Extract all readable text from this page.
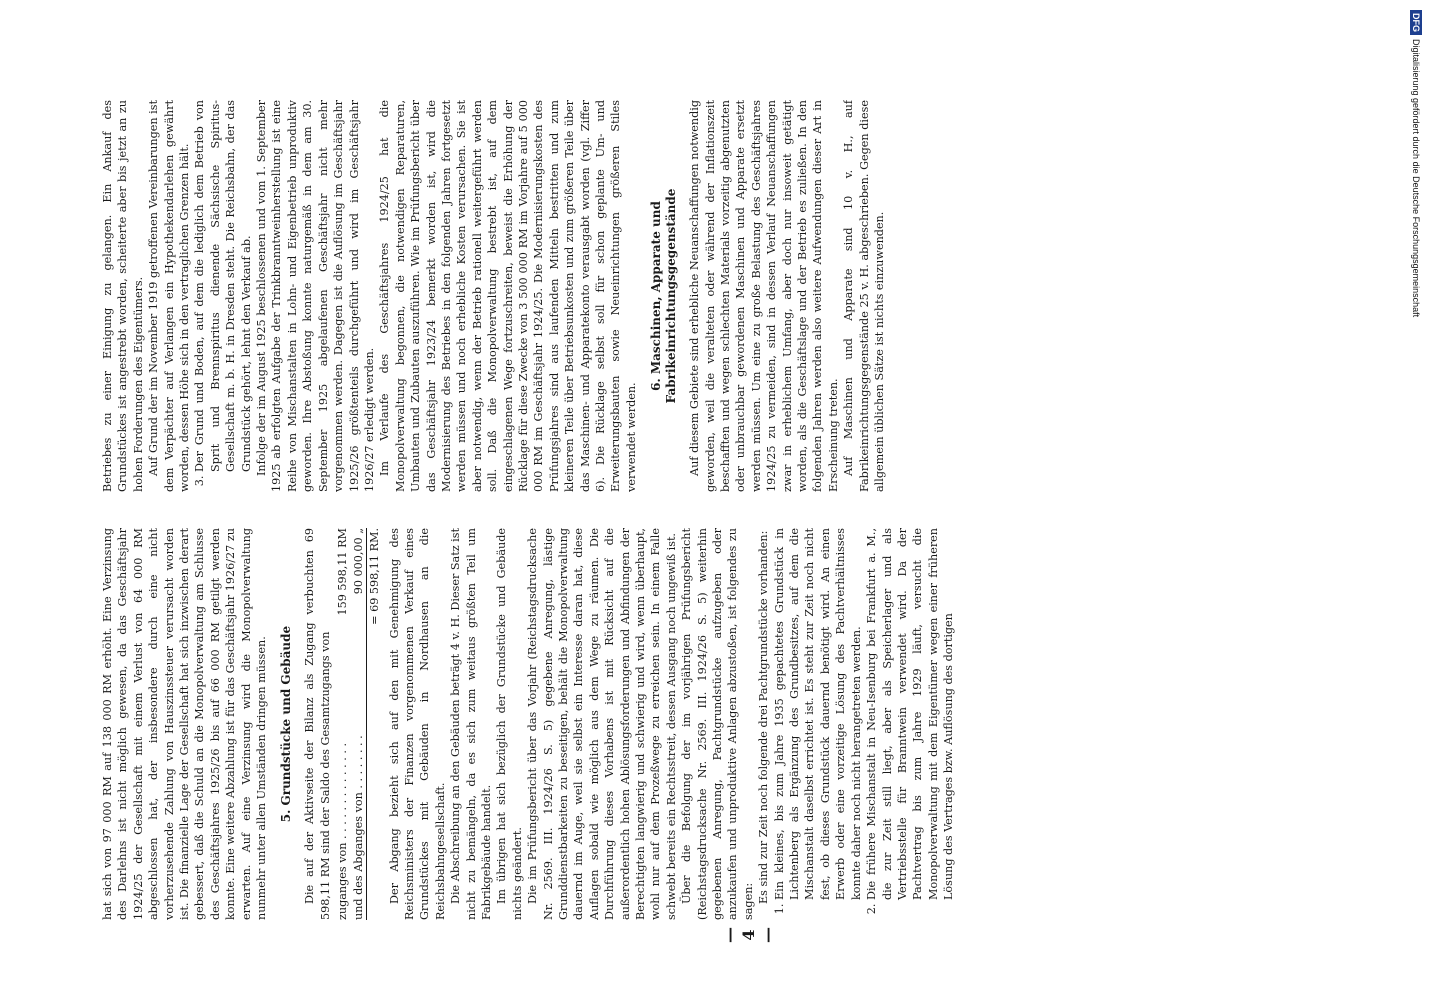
— 4 —

hat sich von 97 000 RM auf 138 000 RM erhöht. Eine Verzinsung des Darlehns ist nicht möglich gewesen, da das Geschäftsjahr 1924/25 der Gesellschaft mit einem Verlust von 64 000 RM abgeschlossen hat, der insbesondere durch eine nicht vorherzusehende Zahlung von Hauszinssteuer verursacht worden ist. Die finanzielle Lage der Gesellschaft hat sich inzwischen derart gebessert, daß die Schuld an die Monopolverwaltung am Schlusse des Geschäftsjahres 1925/26 bis auf 66 000 RM getilgt werden konnte. Eine weitere Abzahlung ist für das Geschäftsjahr 1926/27 zu erwarten. Auf eine Verzinsung wird die Monopolverwaltung nunmehr unter allen Umständen dringen müssen. 5. Grundstücke und Gebäude Die auf der Aktivseite der Bilanz als Zugang verbuchten 69 598,11 RM sind der Saldo des Gesamtzugangs von zuganges von . . . . . . . . . . . . . .	159 598,11 RM
und des Abganges von . . . . . . . .	90 000,00 „
	= 69 598,11 RM. Der Abgang bezieht sich auf den mit Genehmigung des Reichsministers der Finanzen vorgenommenen Verkauf eines Grundstückes mit Gebäuden in Nordhausen an die Reichsbahngesellschaft. Die Abschreibung an den Gebäuden beträgt 4 v. H. Dieser Satz ist nicht zu bemängeln, da es sich zum weitaus größten Teil um Fabrikgebäude handelt. Im übrigen hat sich bezüglich der Grundstücke und Gebäude nichts geändert. Die im Prüfungsbericht über das Vorjahr (Reichstagsdrucksache Nr. 2569. III. 1924/26 S. 5) gegebene Anregung, lästige Grunddienstbarkeiten zu beseitigen, behält die Monopolverwaltung dauernd im Auge, weil sie selbst ein Interesse daran hat, diese Auflagen sobald wie möglich aus dem Wege zu räumen. Die Durchführung dieses Vorhabens ist mit Rücksicht auf die außerordentlich hohen Ablösungsforderungen und Abfindungen der Berechtigten langwierig und schwierig und wird, wenn überhaupt, wohl nur auf dem Prozeßwege zu erreichen sein. In einem Falle schwebt bereits ein Rechtsstreit, dessen Ausgang noch ungewiß ist. Über die Befolgung der im vorjährigen Prüfungsbericht (Reichstagsdrucksache Nr. 2569. III. 1924/26 S. 5) weiterhin gegebenen Anregung, Pachtgrundstücke aufzugeben oder anzukaufen und unproduktive Anlagen abzustoßen, ist folgendes zu sagen: Es sind zur Zeit noch folgende drei Pachtgrundstücke vorhanden: 1. Ein kleines, bis zum Jahre 1935 gepachtetes Grundstück in Lichtenberg als Ergänzung des Grundbesitzes, auf dem die Mischanstalt daselbst errichtet ist. Es steht zur Zeit noch nicht fest, ob dieses Grundstück dauernd benötigt wird. An einen Erwerb oder eine vorzeitige Lösung des Pachtverhältnisses konnte daher noch nicht herangetreten werden. 2. Die frühere Mischanstalt in Neu-Isenburg bei Frankfurt a. M., die zur Zeit still liegt, aber als Speicherlager und als Vertriebsstelle für Branntwein verwendet wird. Da der Pachtvertrag bis zum Jahre 1929 läuft, versucht die Monopolverwaltung mit dem Eigentümer wegen einer früheren Lösung des Vertrages bzw. Auflösung des dortigen

Betriebes zu einer Einigung zu gelangen. Ein Ankauf des Grundstückes ist angestrebt worden, scheiterte aber bis jetzt an zu hohen Forderungen des Eigentümers. Auf Grund der im November 1919 getroffenen Vereinbarungen ist dem Verpächter auf Verlangen ein Hypothekendarlehen gewährt worden, dessen Höhe sich in den vertraglichen Grenzen hält. 3. Der Grund und Boden, auf dem die lediglich dem Betrieb von Sprit und Brennspiritus dienende Sächsische Spiritus-Gesellschaft m. b. H. in Dresden steht. Die Reichsbahn, der das Grundstück gehört, lehnt den Verkauf ab. Infolge der im August 1925 beschlossenen und vom 1. September 1925 ab erfolgten Aufgabe der Trinkbranntweinherstellung ist eine Reihe von Mischanstalten in Lohn- und Eigenbetrieb unproduktiv geworden. Ihre Abstoßung konnte naturgemäß in dem am 30. September 1925 abgelaufenen Geschäftsjahr nicht mehr vorgenommen werden. Dagegen ist die Auflösung im Geschäftsjahr 1925/26 größtenteils durchgeführt und wird im Geschäftsjahr 1926/27 erledigt werden. Im Verlaufe des Geschäftsjahres 1924/25 hat die Monopolverwaltung begonnen, die notwendigen Reparaturen, Umbauten und Zubauten auszuführen. Wie im Prüfungsbericht über das Geschäftsjahr 1923/24 bemerkt worden ist, wird die Modernisierung des Betriebes in den folgenden Jahren fortgesetzt werden müssen und noch erhebliche Kosten verursachen. Sie ist aber notwendig, wenn der Betrieb rationell weitergeführt werden soll. Daß die Monopolverwaltung bestrebt ist, auf dem eingeschlagenen Wege fortzuschreiten, beweist die Erhöhung der Rücklage für diese Zwecke von 3 500 000 RM im Vorjahre auf 5 000 000 RM im Geschäftsjahr 1924/25. Die Modernisierungskosten des Prüfungsjahres sind aus laufenden Mitteln bestritten und zum kleineren Teile über Betriebsunkosten und zum größeren Teile über das Maschinen- und Apparatekonto verausgabt worden (vgl. Ziffer 6). Die Rücklage selbst soll für schon geplante Um- und Erweiterungsbauten sowie Neueinrichtungen größeren Stiles verwendet werden.

6. Maschinen, Apparate und Fabrikeinrichtungsgegenstände Auf diesem Gebiete sind erhebliche Neuanschaffungen notwendig geworden, weil die veralteten oder während der Inflationszeit beschafften und wegen schlechten Materials vorzeitig abgenutzten oder unbrauchbar gewordenen Maschinen und Apparate ersetzt werden müssen. Um eine zu große Belastung des Geschäftsjahres 1924/25 zu vermeiden, sind in dessen Verlauf Neuanschaffungen zwar in erheblichem Umfang, aber doch nur insoweit getätigt worden, als die Geschäftslage und der Betrieb es zuließen. In den folgenden Jahren werden also weitere Aufwendungen dieser Art in Erscheinung treten. Auf Maschinen und Apparate sind 10 v. H., auf Fabrikeinrichtungsgegenstände 25 v. H. abgeschrieben. Gegen diese allgemein üblichen Sätze ist nichts einzuwenden.

DFGDigitalisierung gefördert durch die Deutsche Forschungsgemeinschaft
